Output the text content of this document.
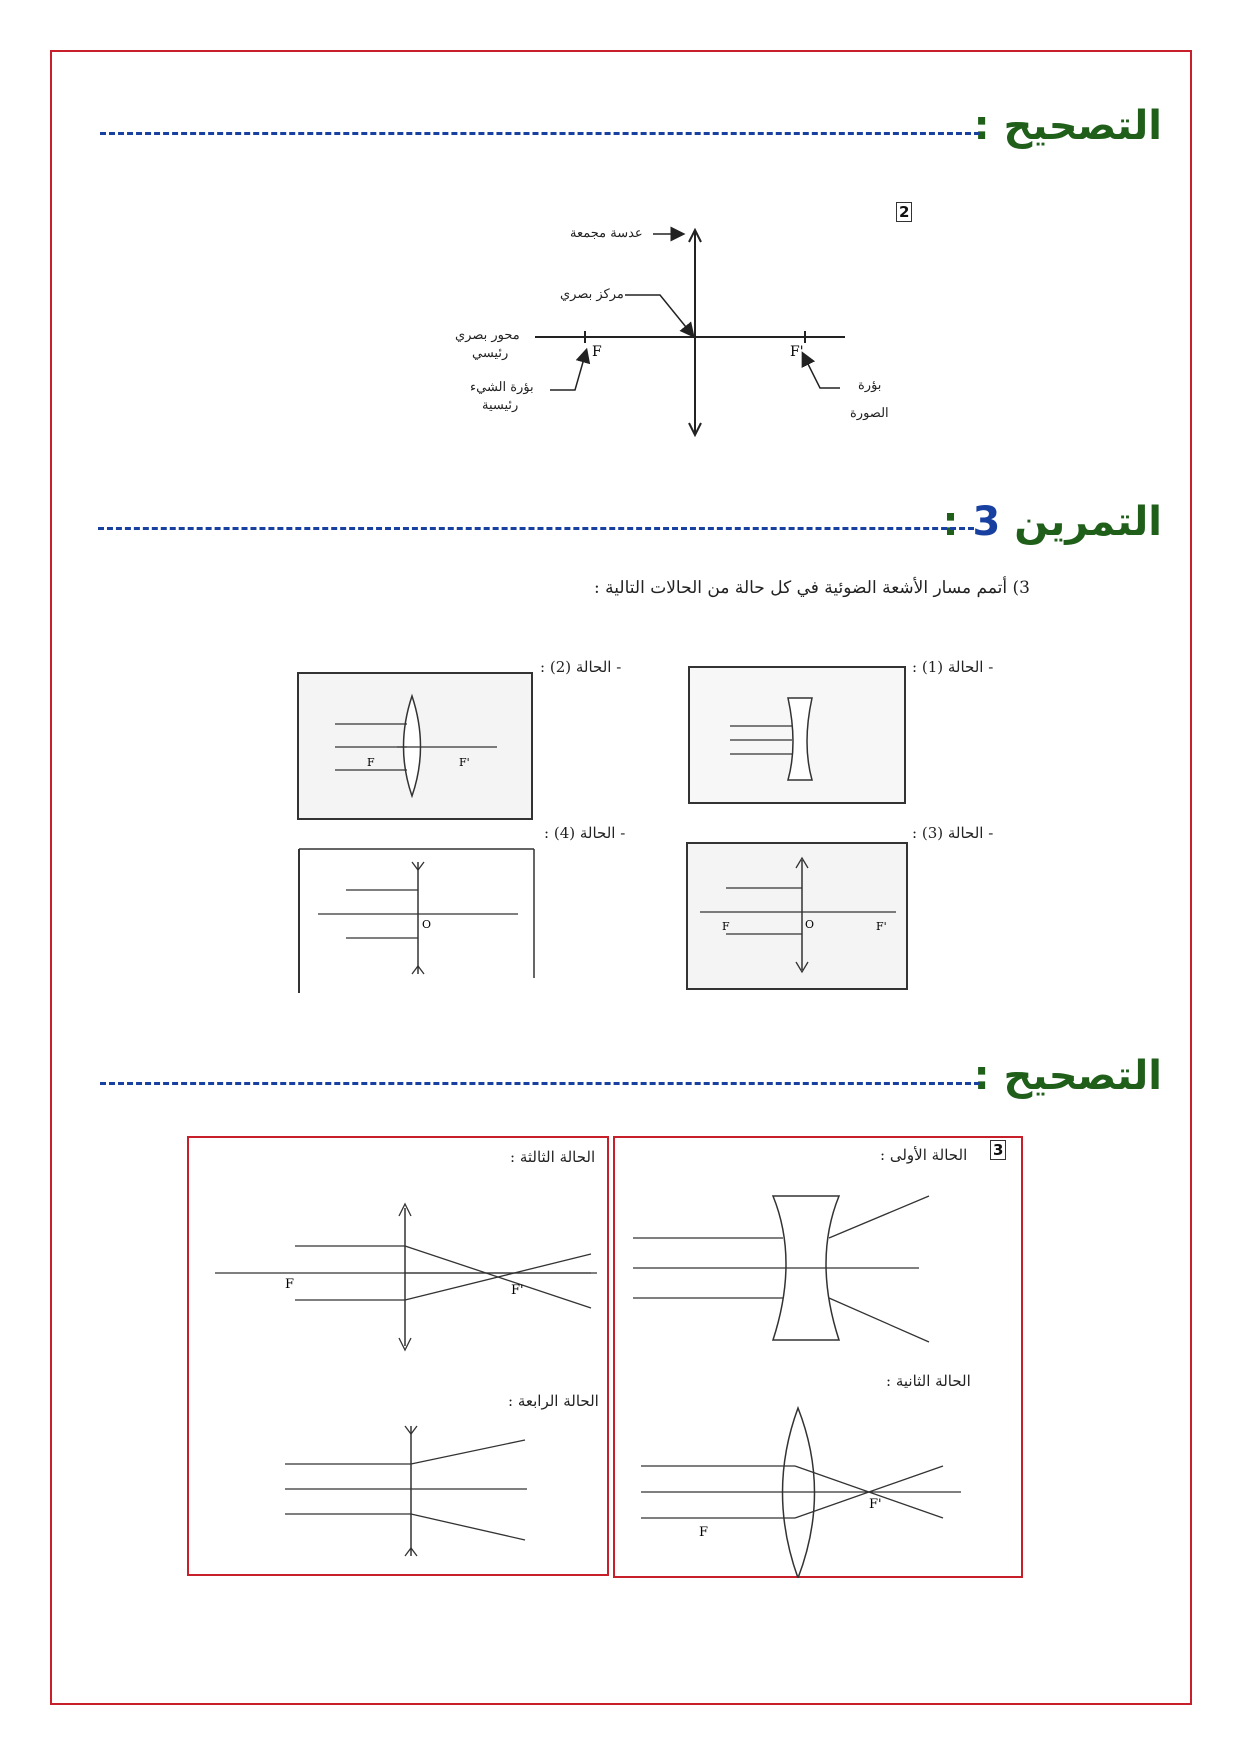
التصحيح :
2
F	F'
عدسة مجمعة
مركز بصري
محور بصري
رئيسي
بؤرة الشيء
رئيسية
بؤرة
الصورة
التمرين 3 :
3) أتمم مسار الأشعة الضوئية في كل حالة من الحالات التالية :
- الحالة (1) :
- الحالة (2) :
- الحالة (3) :
- الحالة (4) :
F	F'
O	F	O	F'
التصحيح :
F	F'
الحالة الثالثة :
الحالة الرابعة :
F
F'
3
الحالة الأولى :
الحالة الثانية :
